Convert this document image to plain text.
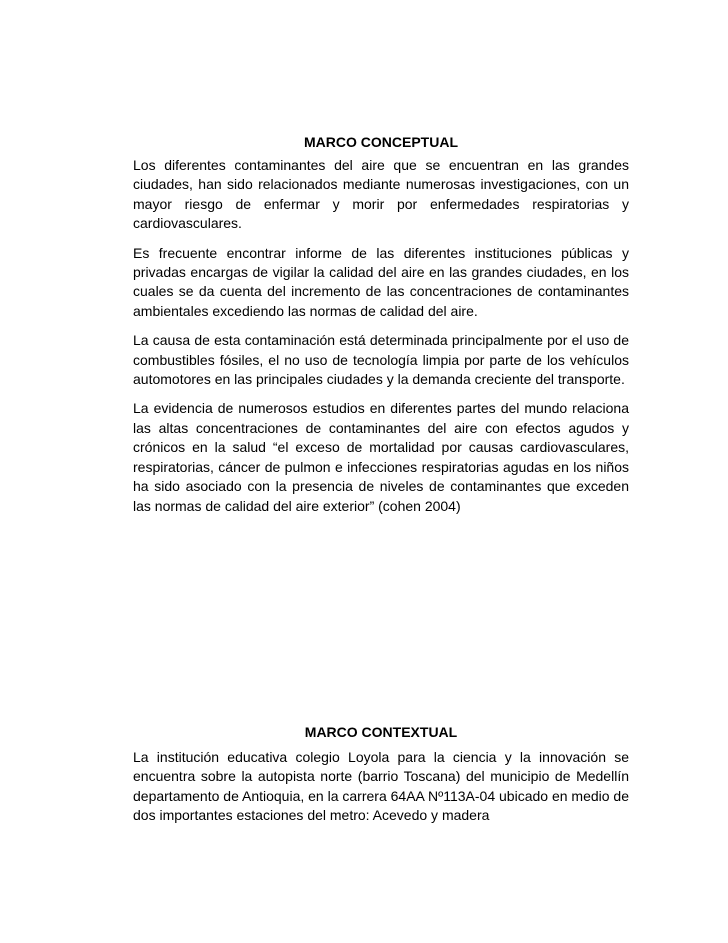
MARCO CONCEPTUAL

Los diferentes contaminantes del aire que se encuentran en las grandes ciudades, han sido relacionados mediante numerosas investigaciones, con un mayor riesgo de enfermar y morir por enfermedades respiratorias y cardiovasculares.

Es frecuente encontrar informe de las diferentes instituciones públicas y privadas encargas de vigilar la calidad del aire en las grandes ciudades, en los cuales se da cuenta del incremento de las concentraciones de contaminantes ambientales excediendo las normas de calidad del aire.

La causa de esta contaminación está determinada principalmente por el uso de combustibles fósiles, el no uso de tecnología limpia por parte de los vehículos automotores en las principales ciudades y la demanda creciente del transporte.

La evidencia de numerosos estudios en diferentes partes del mundo relaciona las altas concentraciones de contaminantes del aire con efectos agudos y crónicos en la salud “el exceso de mortalidad por causas cardiovasculares, respiratorias, cáncer de pulmon e infecciones respiratorias agudas en los niños ha sido asociado con la presencia de niveles de contaminantes que exceden las normas de calidad del aire exterior” (cohen 2004)

MARCO CONTEXTUAL

La institución educativa colegio Loyola para la ciencia y la innovación se encuentra sobre la autopista norte (barrio Toscana) del municipio de Medellín departamento de Antioquia, en la carrera 64AA Nº113A-04 ubicado en medio de dos importantes estaciones del metro: Acevedo y madera
